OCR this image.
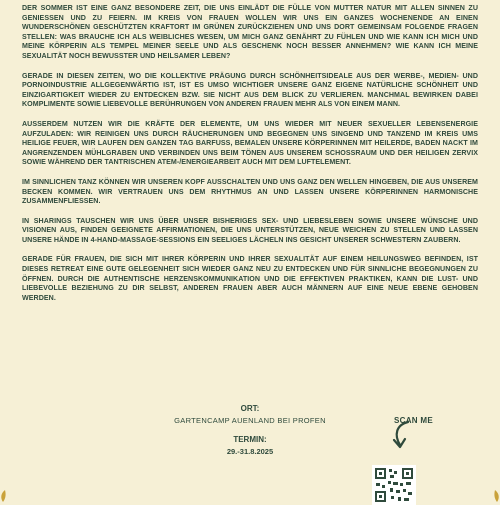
DER SOMMER IST EINE GANZ BESONDERE ZEIT, DIE UNS EINLÄDT DIE FÜLLE VON MUTTER NATUR MIT ALLEN SINNEN ZU GENIESSEN UND ZU FEIERN. IM KREIS VON FRAUEN WOLLEN WIR UNS EIN GANZES WOCHENENDE AN EINEN WUNDERSCHÖNEN GESCHÜTZTEN KRAFTORT IM GRÜNEN ZURÜCKZIEHEN UND UNS DORT GEMEINSAM FOLGENDE FRAGEN STELLEN: WAS BRAUCHE ICH ALS WEIBLICHES WESEN, UM MICH GANZ GENÄHRT ZU FÜHLEN UND WIE KANN ICH MICH UND MEINE KÖRPERIN ALS TEMPEL MEINER SEELE UND ALS GESCHENK NOCH BESSER ANNEHMEN? WIE KANN ICH MEINE SEXUALITÄT NOCH BEWUSSTER UND HEILSAMER LEBEN?

GERADE IN DIESEN ZEITEN, WO DIE KOLLEKTIVE PRÄGUNG DURCH SCHÖNHEITSIDEALE AUS DER WERBE-, MEDIEN- UND PORNOINDUSTRIE ALLGEGENWÄRTIG IST, IST ES UMSO WICHTIGER UNSERE GANZ EIGENE NATÜRLICHE SCHÖNHEIT UND EINZIGARTIGKEIT WIEDER ZU ENTDECKEN BZW. SIE NICHT AUS DEM BLICK ZU VERLIEREN. MANCHMAL BEWIRKEN DABEI KOMPLIMENTE SOWIE LIEBEVOLLE BERÜHRUNGEN VON ANDEREN FRAUEN MEHR ALS VON EINEM MANN.

AUSSERDEM NUTZEN WIR DIE KRÄFTE DER ELEMENTE, UM UNS WIEDER MIT NEUER SEXUELLER LEBENSENERGIE AUFZULADEN: WIR REINIGEN UNS DURCH RÄUCHERUNGEN UND BEGEGNEN UNS SINGEND UND TANZEND IM KREIS UMS HEILIGE FEUER, WIR LAUFEN DEN GANZEN TAG BARFUSS, BEMALEN UNSERE KÖRPERINNEN MIT HEILERDE, BADEN NACKT IM ANGRENZENDEN MÜHLGRABEN UND VERBINDEN UNS BEIM TÖNEN AUS UNSEREM SCHOSSRAUM UND DER HEILIGEN ZERVIX SOWIE WÄHREND DER TANTRISCHEN ATEM-/ENERGIEARBEIT AUCH MIT DEM LUFTELEMENT.

IM SINNLICHEN TANZ KÖNNEN WIR UNSEREN KOPF AUSSCHALTEN UND UNS GANZ DEN WELLEN HINGEBEN, DIE AUS UNSEREM BECKEN KOMMEN. WIR VERTRAUEN UNS DEM RHYTHMUS AN UND LASSEN UNSERE KÖRPERINNEN HARMONISCHE ZUSAMMENFLIESSEN.

IN SHARINGS TAUSCHEN WIR UNS ÜBER UNSER BISHERIGES SEX- UND LIEBESLEBEN SOWIE UNSERE WÜNSCHE UND VISIONEN AUS, FINDEN GEEIGNETE AFFIRMATIONEN, DIE UNS UNTERSTÜTZEN, NEUE WEICHEN ZU STELLEN UND LASSEN UNSERE HÄNDE IN 4-HAND-MASSAGE-SESSIONS EIN SEELIGES LÄCHELN INS GESICHT UNSERER SCHWESTERN ZAUBERN.

GERADE FÜR FRAUEN, DIE SICH MIT IHRER KÖRPERIN UND IHRER SEXUALITÄT AUF EINEM HEILUNGSWEG BEFINDEN, IST DIESES RETREAT EINE GUTE GELEGENHEIT SICH WIEDER GANZ NEU ZU ENTDECKEN UND FÜR SINNLICHE BEGEGNUNGEN ZU ÖFFNEN. DURCH DIE AUTHENTISCHE HERZENSKOMMUNIKATION UND DIE EFFEKTIVEN PRAKTIKEN, KANN DIE LUST- UND LIEBEVOLLE BEZIEHUNG ZU DIR SELBST, ANDEREN FRAUEN ABER AUCH MÄNNERN AUF EINE NEUE EBENE GEHOBEN WERDEN.

ORT:
GARTENCAMP AUENLAND BEI PROFEN
TERMIN:
29.-31.8.2025
SCAN ME
